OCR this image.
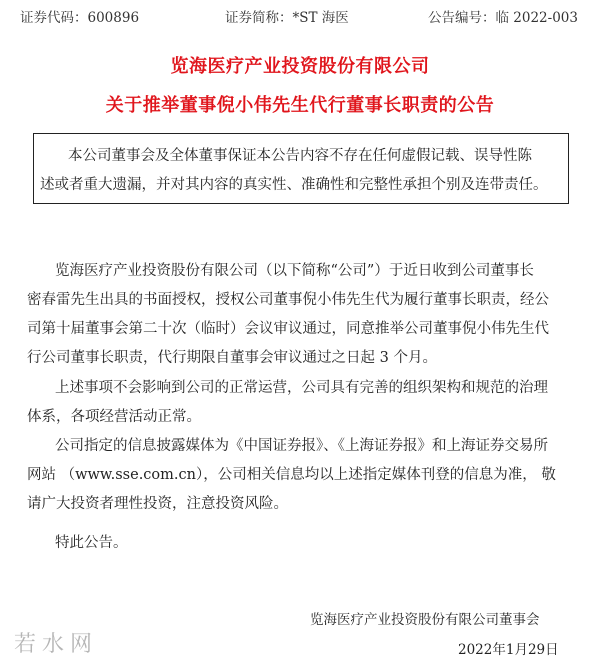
证券代码：600896	证券简称：*ST 海医	公告编号：临 2022-003
览海医疗产业投资股份有限公司
关于推举董事倪小伟先生代行董事长职责的公告
本公司董事会及全体董事保证本公告内容不存在任何虚假记载、误导性陈
述或者重大遗漏，并对其内容的真实性、准确性和完整性承担个别及连带责任。
览海医疗产业投资股份有限公司（以下简称“公司”）于近日收到公司董事长
密春雷先生出具的书面授权，授权公司董事倪小伟先生代为履行董事长职责，经公
司第十届董事会第二十次（临时）会议审议通过，同意推举公司董事倪小伟先生代
行公司董事长职责，代行期限自董事会审议通过之日起 3 个月。
上述事项不会影响到公司的正常运营，公司具有完善的组织架构和规范的治理
体系，各项经营活动正常。
公司指定的信息披露媒体为《中国证券报》、《上海证券报》和上海证券交易所
网站 （www.sse.com.cn），公司相关信息均以上述指定媒体刊登的信息为准， 敬
请广大投资者理性投资，注意投资风险。
特此公告。
览海医疗产业投资股份有限公司董事会
2022年1月29日
若水网
